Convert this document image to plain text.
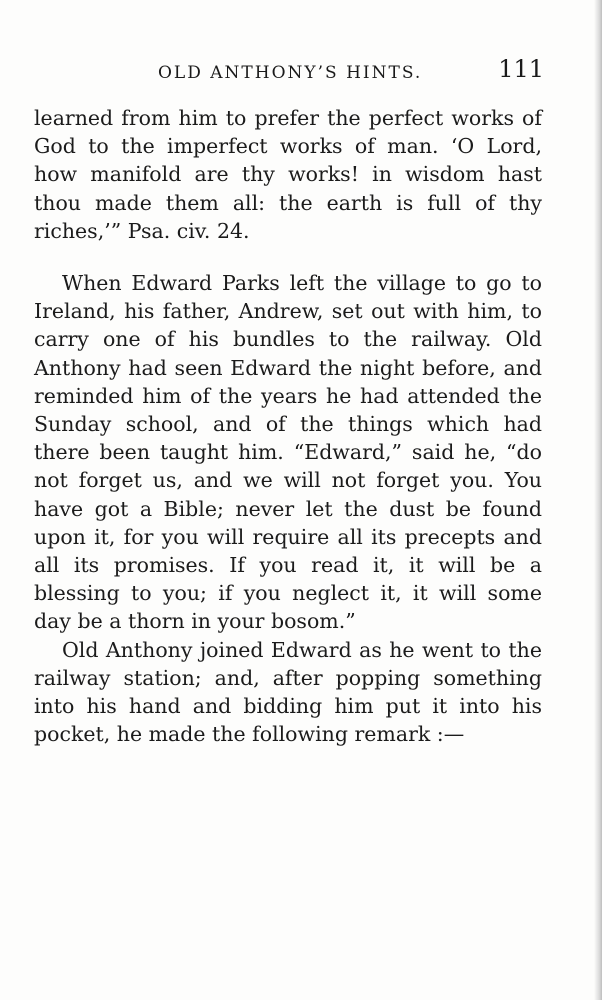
OLD ANTHONY’S HINTS.	111

learned from him to prefer the perfect works of God to the imperfect works of man. ‘O Lord, how manifold are thy works! in wisdom hast thou made them all: the earth is full of thy riches,’” Psa. civ. 24.

When Edward Parks left the village to go to Ireland, his father, Andrew, set out with him, to carry one of his bundles to the railway. Old Anthony had seen Edward the night before, and reminded him of the years he had attended the Sunday school, and of the things which had there been taught him. “Edward,” said he, “do not forget us, and we will not forget you. You have got a Bible; never let the dust be found upon it, for you will require all its precepts and all its promises. If you read it, it will be a blessing to you; if you neglect it, it will some day be a thorn in your bosom.”

Old Anthony joined Edward as he went to the railway station; and, after popping something into his hand and bidding him put it into his pocket, he made the following remark :—
